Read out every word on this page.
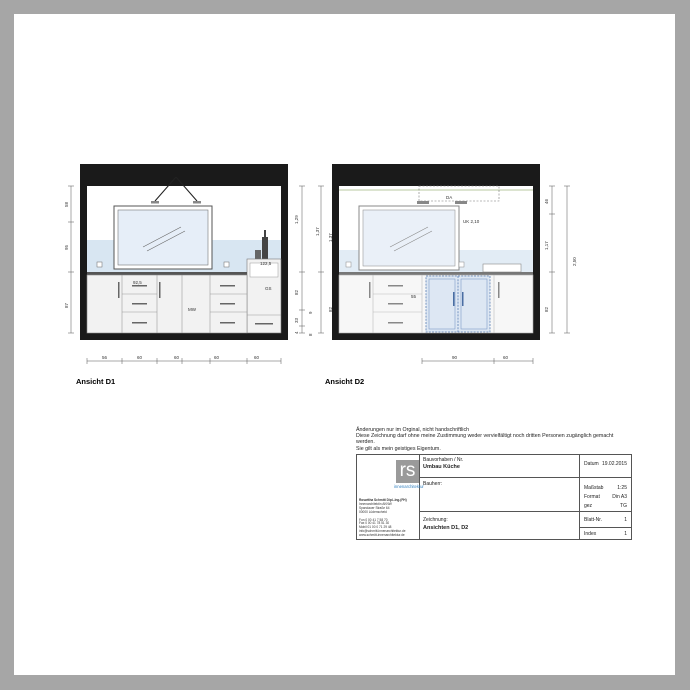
92,5
122,5
GS
MW
56	60	60	60	60
58
95
87
1,29
1,37
82
33
9
4
8
DA
UK 2,10
55
90	60
1,37
82
46
2,50
1,17
82
Ansicht D1	Ansicht D2
Änderungen nur im Orginal, nicht handschriftlich
Diese Zeichnung darf ohne meine Zustimmung weder vervielfältigt noch dritten Personen zugänglich gemacht
werden.
Sie gilt als mein geistiges Eigentum.
rs
innenarchitektur
Roswitha Schmitt Dipl.-Ing.(FH)
Innenarchitektin AKNW
Spandauer Straße 64
00000 Lüdenscheid

Fon 0 00 41 7 58 70
Fax 0 00 41 78 51 30
Mobil 01 00 0 71 29 48
info@schmitt-innenarchitektur.de
www.schmitt-innenarchitektur.de
Bauvorhaben / Nr.
Umbau Küche
Bauherr:
Zeichnung:
Ansichten D1, D2
Datum 19.02.2015
Maßstab	1:25
Format Din A3
gez	TG
Blatt-Nr.	1
Index	1
